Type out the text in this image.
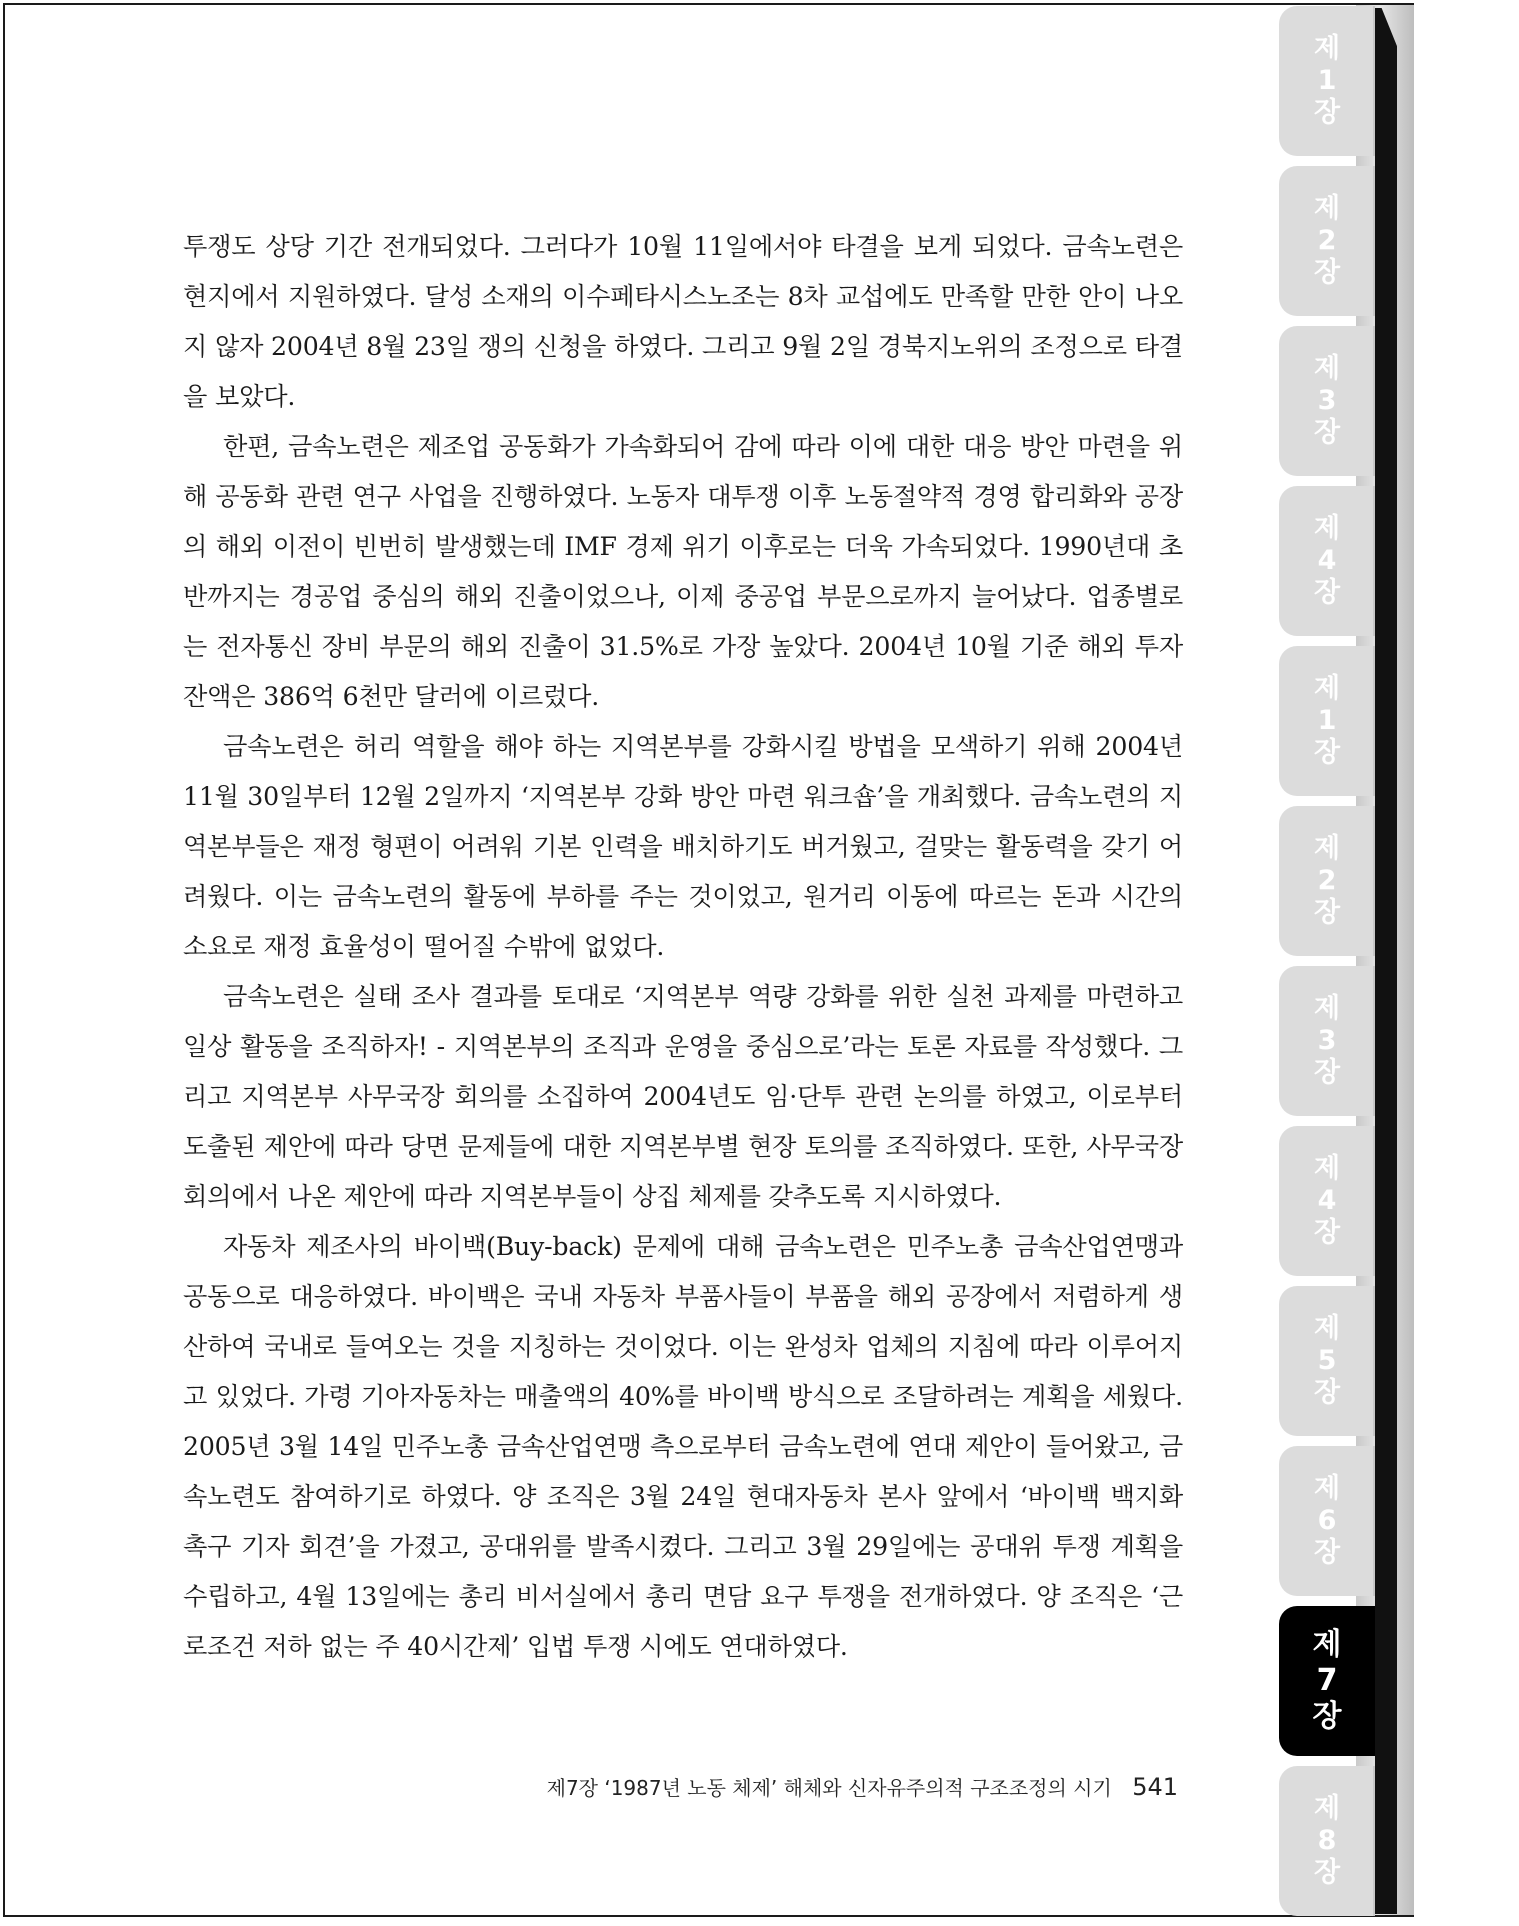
제
1
장
제
2
장
제
3
장
제
4
장
제
1
장
제
2
장
제
3
장
제
4
장
제
5
장
제
6
장
제
7
장
제
8
장

투쟁도 상당 기간 전개되었다. 그러다가 10월 11일에서야 타결을 보게 되었다. 금속노련은 현지에서 지원하였다. 달성 소재의 이수페타시스노조는 8차 교섭에도 만족할 만한 안이 나오지 않자 2004년 8월 23일 쟁의 신청을 하였다. 그리고 9월 2일 경북지노위의 조정으로 타결을 보았다.

한편, 금속노련은 제조업 공동화가 가속화되어 감에 따라 이에 대한 대응 방안 마련을 위해 공동화 관련 연구 사업을 진행하였다. 노동자 대투쟁 이후 노동절약적 경영 합리화와 공장의 해외 이전이 빈번히 발생했는데 IMF 경제 위기 이후로는 더욱 가속되었다. 1990년대 초반까지는 경공업 중심의 해외 진출이었으나, 이제 중공업 부문으로까지 늘어났다. 업종별로는 전자통신 장비 부문의 해외 진출이 31.5%로 가장 높았다. 2004년 10월 기준 해외 투자 잔액은 386억 6천만 달러에 이르렀다.

금속노련은 허리 역할을 해야 하는 지역본부를 강화시킬 방법을 모색하기 위해 2004년 11월 30일부터 12월 2일까지 ‘지역본부 강화 방안 마련 워크숍’을 개최했다. 금속노련의 지역본부들은 재정 형편이 어려워 기본 인력을 배치하기도 버거웠고, 걸맞는 활동력을 갖기 어려웠다. 이는 금속노련의 활동에 부하를 주는 것이었고, 원거리 이동에 따르는 돈과 시간의 소요로 재정 효율성이 떨어질 수밖에 없었다.

금속노련은 실태 조사 결과를 토대로 ‘지역본부 역량 강화를 위한 실천 과제를 마련하고 일상 활동을 조직하자! - 지역본부의 조직과 운영을 중심으로’라는 토론 자료를 작성했다. 그리고 지역본부 사무국장 회의를 소집하여 2004년도 임·단투 관련 논의를 하였고, 이로부터 도출된 제안에 따라 당면 문제들에 대한 지역본부별 현장 토의를 조직하였다. 또한, 사무국장 회의에서 나온 제안에 따라 지역본부들이 상집 체제를 갖추도록 지시하였다.

자동차 제조사의 바이백(Buy-back) 문제에 대해 금속노련은 민주노총 금속산업연맹과 공동으로 대응하였다. 바이백은 국내 자동차 부품사들이 부품을 해외 공장에서 저렴하게 생산하여 국내로 들여오는 것을 지칭하는 것이었다. 이는 완성차 업체의 지침에 따라 이루어지고 있었다. 가령 기아자동차는 매출액의 40%를 바이백 방식으로 조달하려는 계획을 세웠다. 2005년 3월 14일 민주노총 금속산업연맹 측으로부터 금속노련에 연대 제안이 들어왔고, 금속노련도 참여하기로 하였다. 양 조직은 3월 24일 현대자동차 본사 앞에서 ‘바이백 백지화 촉구 기자 회견’을 가졌고, 공대위를 발족시켰다. 그리고 3월 29일에는 공대위 투쟁 계획을 수립하고, 4월 13일에는 총리 비서실에서 총리 면담 요구 투쟁을 전개하였다. 양 조직은 ‘근로조건 저하 없는 주 40시간제’ 입법 투쟁 시에도 연대하였다.

제7장 ‘1987년 노동 체제’ 해체와 신자유주의적 구조조정의 시기 541
